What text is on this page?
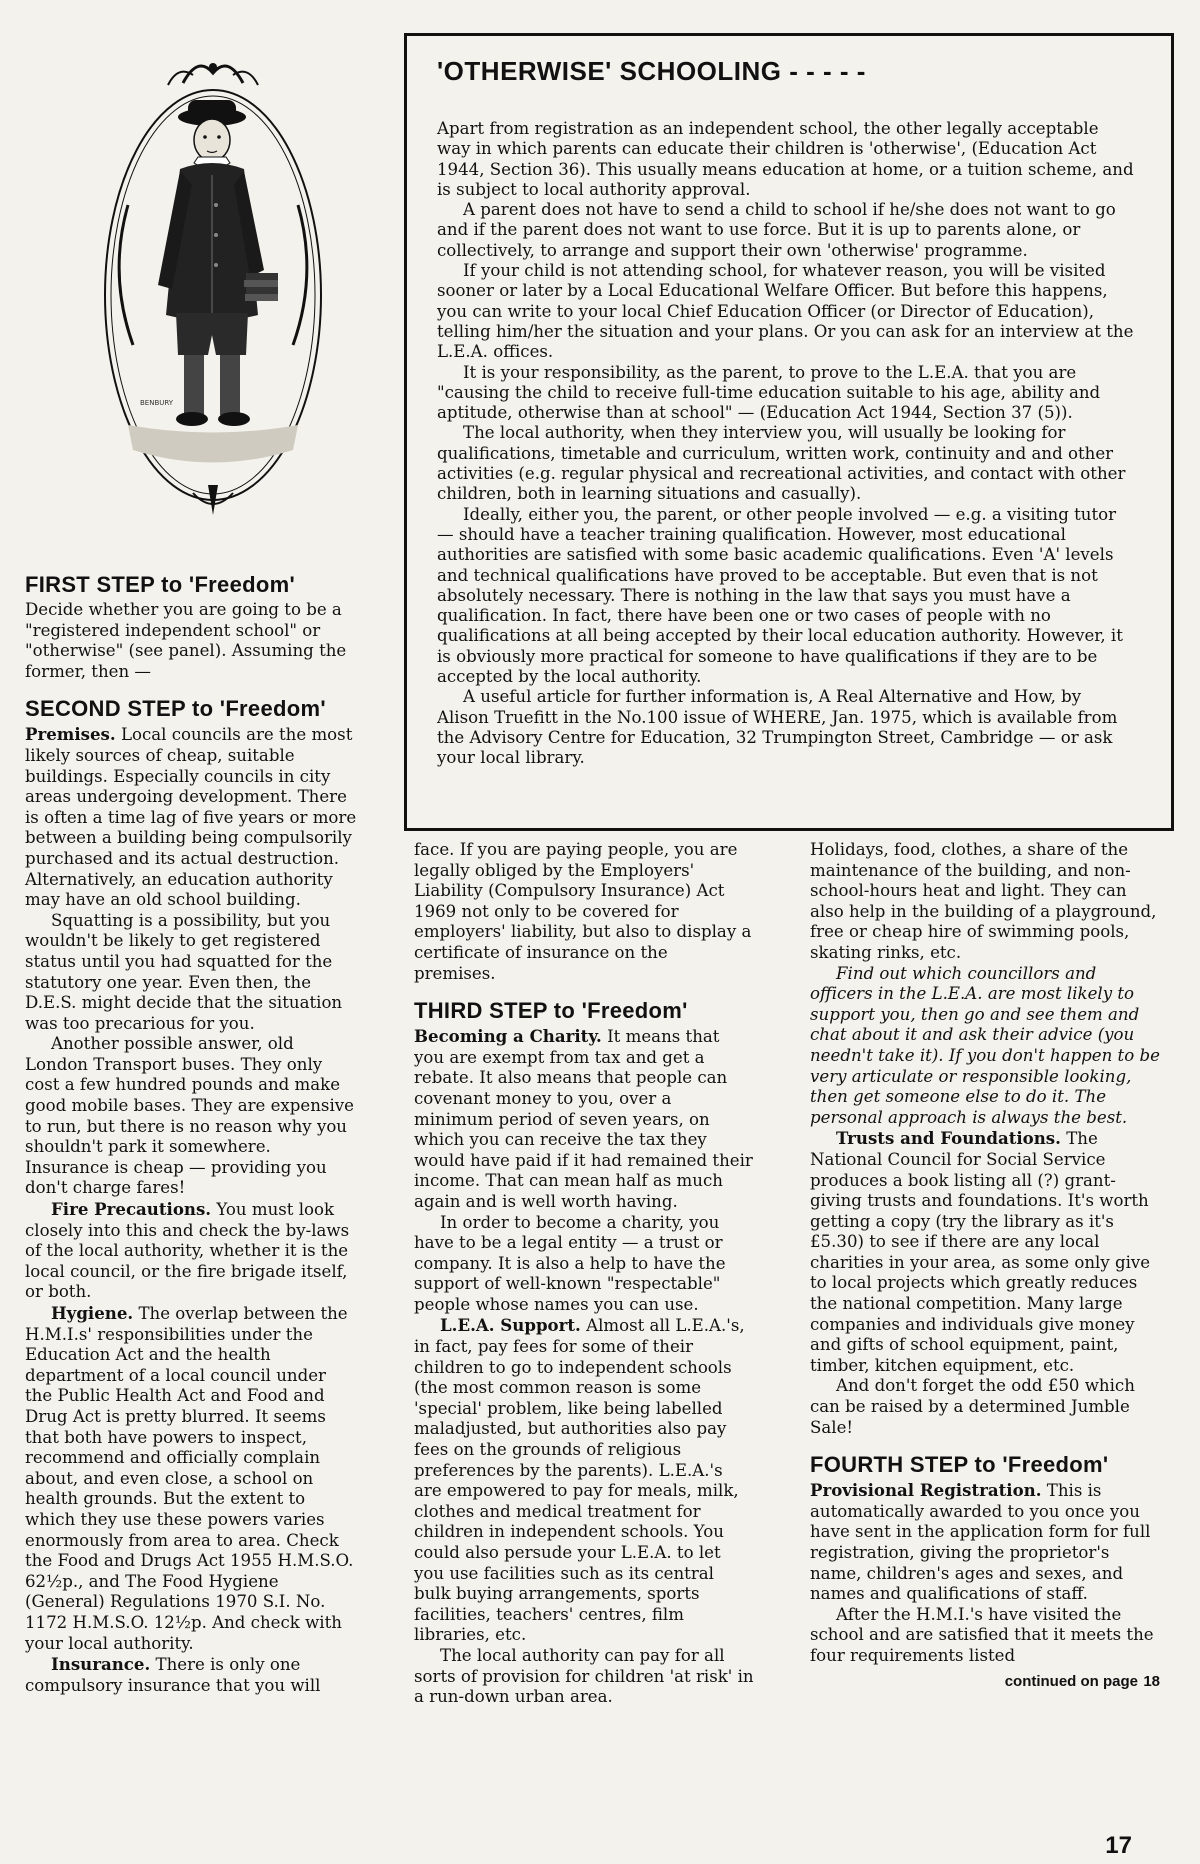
BENBURY
'OTHERWISE' SCHOOLING - - - - -

Apart from registration as an independent school, the other legally acceptable way in which parents can educate their children is 'otherwise', (Education Act 1944, Section 36). This usually means education at home, or a tuition scheme, and is subject to local authority approval.

A parent does not have to send a child to school if he/she does not want to go and if the parent does not want to use force. But it is up to parents alone, or collectively, to arrange and support their own 'otherwise' programme.

If your child is not attending school, for whatever reason, you will be visited sooner or later by a Local Educational Welfare Officer. But before this happens, you can write to your local Chief Education Officer (or Director of Education), telling him/her the situation and your plans. Or you can ask for an interview at the L.E.A. offices.

It is your responsibility, as the parent, to prove to the L.E.A. that you are "causing the child to receive full-time education suitable to his age, ability and aptitude, otherwise than at school" — (Education Act 1944, Section 37 (5)).

The local authority, when they interview you, will usually be looking for qualifications, timetable and curriculum, written work, continuity and and other activities (e.g. regular physical and recreational activities, and contact with other children, both in learning situations and casually).

Ideally, either you, the parent, or other people involved — e.g. a visiting tutor — should have a teacher training qualification. However, most educational authorities are satisfied with some basic academic qualifications. Even 'A' levels and technical qualifications have proved to be acceptable. But even that is not absolutely necessary. There is nothing in the law that says you must have a qualification. In fact, there have been one or two cases of people with no qualifications at all being accepted by their local education authority. However, it is obviously more practical for someone to have qualifications if they are to be accepted by the local authority.

A useful article for further information is, A Real Alternative and How, by Alison Truefitt in the No.100 issue of WHERE, Jan. 1975, which is available from the Advisory Centre for Education, 32 Trumpington Street, Cambridge — or ask your local library.

FIRST STEP to 'Freedom'

Decide whether you are going to be a "registered independent school" or "otherwise" (see panel). Assuming the former, then —

SECOND STEP to 'Freedom'

Premises. Local councils are the most likely sources of cheap, suitable buildings. Especially councils in city areas undergoing development. There is often a time lag of five years or more between a building being compulsorily purchased and its actual destruction. Alternatively, an education authority may have an old school building.

Squatting is a possibility, but you wouldn't be likely to get registered status until you had squatted for the statutory one year. Even then, the D.E.S. might decide that the situation was too precarious for you.

Another possible answer, old London Transport buses. They only cost a few hundred pounds and make good mobile bases. They are expensive to run, but there is no reason why you shouldn't park it somewhere. Insurance is cheap — providing you don't charge fares!

Fire Precautions. You must look closely into this and check the by-laws of the local authority, whether it is the local council, or the fire brigade itself, or both.

Hygiene. The overlap between the H.M.I.s' responsibilities under the Education Act and the health department of a local council under the Public Health Act and Food and Drug Act is pretty blurred. It seems that both have powers to inspect, recommend and officially complain about, and even close, a school on health grounds. But the extent to which they use these powers varies enormously from area to area. Check the Food and Drugs Act 1955 H.M.S.O. 62½p., and The Food Hygiene (General) Regulations 1970 S.I. No. 1172 H.M.S.O. 12½p. And check with your local authority.

Insurance. There is only one compulsory insurance that you will

face. If you are paying people, you are legally obliged by the Employers' Liability (Compulsory Insurance) Act 1969 not only to be covered for employers' liability, but also to display a certificate of insurance on the premises.

THIRD STEP to 'Freedom'

Becoming a Charity. It means that you are exempt from tax and get a rebate. It also means that people can covenant money to you, over a minimum period of seven years, on which you can receive the tax they would have paid if it had remained their income. That can mean half as much again and is well worth having.

In order to become a charity, you have to be a legal entity — a trust or company. It is also a help to have the support of well-known "respectable" people whose names you can use.

L.E.A. Support. Almost all L.E.A.'s, in fact, pay fees for some of their children to go to independent schools (the most common reason is some 'special' problem, like being labelled maladjusted, but authorities also pay fees on the grounds of religious preferences by the parents). L.E.A.'s are empowered to pay for meals, milk, clothes and medical treatment for children in independent schools. You could also persude your L.E.A. to let you use facilities such as its central bulk buying arrangements, sports facilities, teachers' centres, film libraries, etc.

The local authority can pay for all sorts of provision for children 'at risk' in a run-down urban area.

Holidays, food, clothes, a share of the maintenance of the building, and non-school-hours heat and light. They can also help in the building of a playground, free or cheap hire of swimming pools, skating rinks, etc.

Find out which councillors and officers in the L.E.A. are most likely to support you, then go and see them and chat about it and ask their advice (you needn't take it). If you don't happen to be very articulate or responsible looking, then get someone else to do it. The personal approach is always the best.

Trusts and Foundations. The National Council for Social Service produces a book listing all (?) grant-giving trusts and foundations. It's worth getting a copy (try the library as it's £5.30) to see if there are any local charities in your area, as some only give to local projects which greatly reduces the national competition. Many large companies and individuals give money and gifts of school equipment, paint, timber, kitchen equipment, etc.

And don't forget the odd £50 which can be raised by a determined Jumble Sale!

FOURTH STEP to 'Freedom'

Provisional Registration. This is automatically awarded to you once you have sent in the application form for full registration, giving the proprietor's name, children's ages and sexes, and names and qualifications of staff.

After the H.M.I.'s have visited the school and are satisfied that it meets the four requirements listed

continued on page 18

17
